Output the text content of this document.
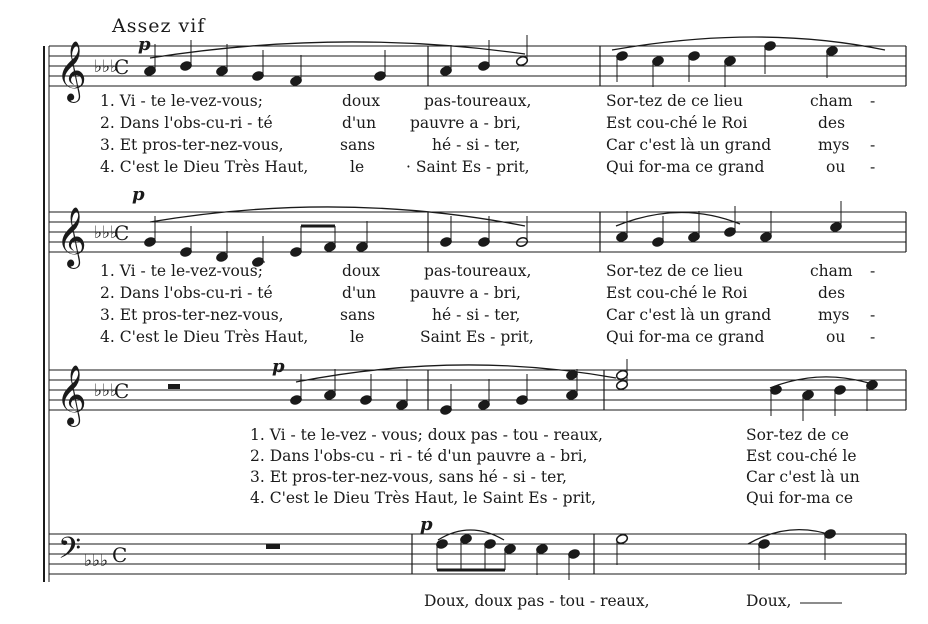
Assez vif
𝄞 ♭♭♭
C
p
1. Vi - te le-vez-vous;	doux	pas-toureaux,	Sor-tez de ce lieu	cham -
2. Dans l'obs-cu-ri - té	d'un pauvre a - bri,	Est cou-ché le Roi	des
3. Et pros-ter-nez-vous,	sans	hé - si - ter,	Car c'est là un grand	mys -
4. C'est le Dieu Très Haut,	le	· Saint Es - prit,	Qui for-ma ce grand	ou -
𝄞 ♭♭♭
C
p
1. Vi - te le-vez-vous;	doux	pas-toureaux,	Sor-tez de ce lieu	cham -
2. Dans l'obs-cu-ri - té	d'un pauvre a - bri,	Est cou-ché le Roi	des
3. Et pros-ter-nez-vous,	sans	hé - si - ter,	Car c'est là un grand	mys -
4. C'est le Dieu Très Haut,	le	Saint Es - prit,	Qui for-ma ce grand	ou -
𝄞 ♭♭♭
C
p
1. Vi - te le-vez - vous; doux pas - tou - reaux,	Sor-tez de ce
2. Dans l'obs-cu - ri - té d'un pauvre a - bri,	Est cou-ché le
3. Et pros-ter-nez-vous, sans hé - si - ter,	Car c'est là un
4. C'est le Dieu Très Haut, le Saint Es - prit,	Qui for-ma ce
𝄢 ♭♭♭ C
p
Doux, doux pas - tou - reaux,	Doux,
